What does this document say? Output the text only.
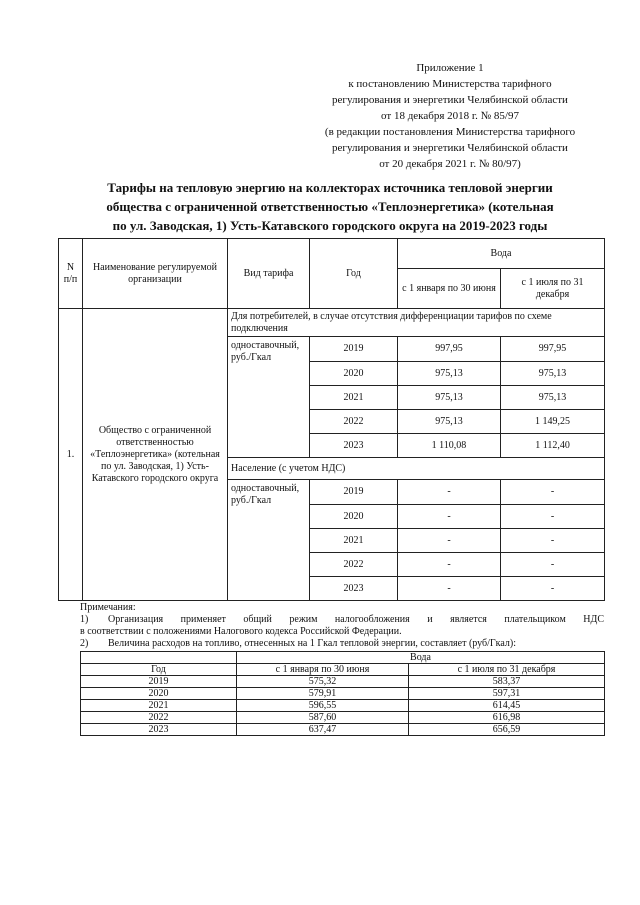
Приложение 1
к постановлению Министерства тарифного
регулирования и энергетики Челябинской области
от 18 декабря 2018 г. № 85/97
(в редакции постановления Министерства тарифного
регулирования и энергетики Челябинской области
от 20 декабря 2021 г. № 80/97)
Тарифы на тепловую энергию на коллекторах источника тепловой энергии
общества с ограниченной ответственностью «Теплоэнергетика» (котельная
по ул. Заводская, 1) Усть-Катавского городского округа на 2019-2023 годы
N п/п	Наименование регулируемой организации	Вид тарифа	Год	Вода	
				с 1 января по 30 июня	с 1 июля по 31 декабря
1.	Общество с ограниченной ответственностью «Теплоэнергетика» (котельная по ул. Заводская, 1) Усть-Катавского городского округа	Для потребителей, в случае отсутствия дифференциации тарифов по схеме подключения			
		одноставочный, руб./Гкал	2019	997,95	997,95
			2020	975,13	975,13
			2021	975,13	975,13
			2022	975,13	1 149,25
			2023	1 110,08	1 112,40
		Население (с учетом НДС)			
		одноставочный, руб./Гкал	2019	-	-
			2020	-	-
			2021	-	-
			2022	-	-
			2023	-	-
Примечания:
1)	Организация применяет общий режим налогообложения и является плательщиком НДС
в соответствии с положениями Налогового кодекса Российской Федерации.
2)	Величина расходов на топливо, отнесенных на 1 Гкал тепловой энергии, составляет (руб/Гкал):
	Вода	
Год	с 1 января по 30 июня	с 1 июля по 31 декабря
2019	575,32	583,37
2020	579,91	597,31
2021	596,55	614,45
2022	587,60	616,98
2023	637,47	656,59
